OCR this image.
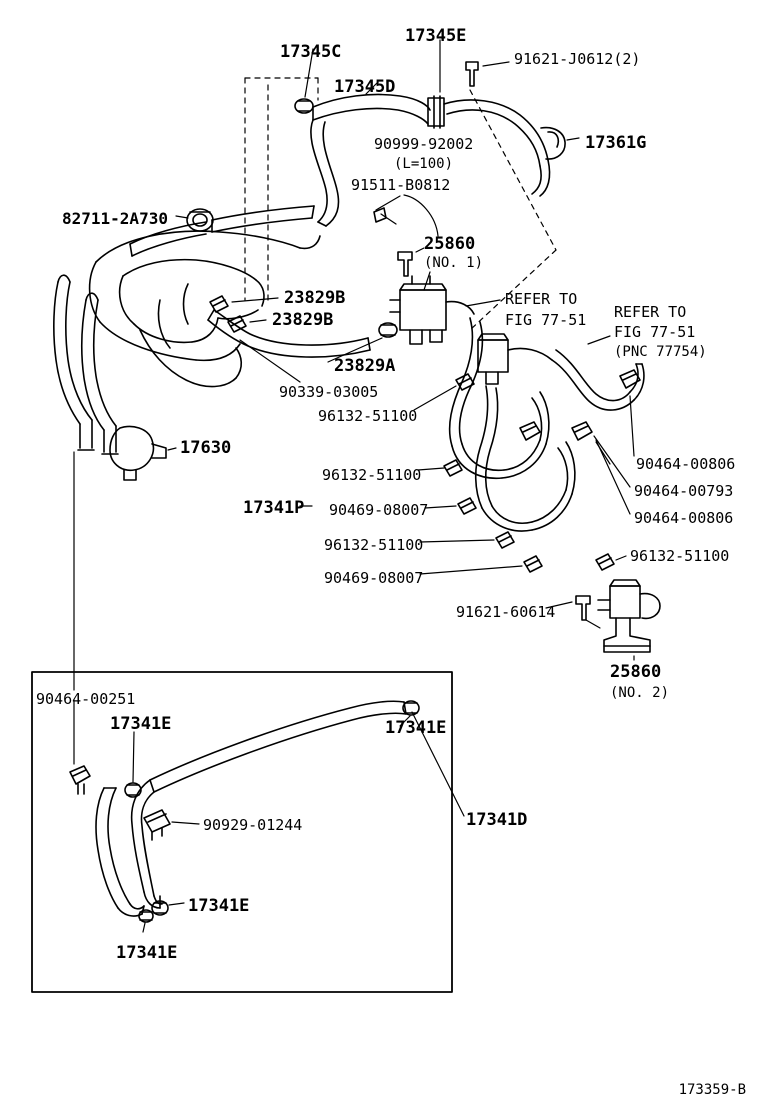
17345C
17345E
91621-J0612(2)
17345D
17361G
90999-92002
(L=100)
91511-B0812
82711-2A730
25860
(NO. 1)
23829B
23829B
REFER TO
FIG 77-51 REFER TO
FIG 77-51
(PNC 77754)
23829A
90339-03005
96132-51100
17630
90464-00806
96132-51100
90464-00793
17341P 90469-08007	90464-00806
96132-51100
96132-51100
90469-08007
91621-60614
25860
(NO. 2)
90464-00251
17341E	17341E
90929-01244	17341D
17341E
17341E
173359-B
